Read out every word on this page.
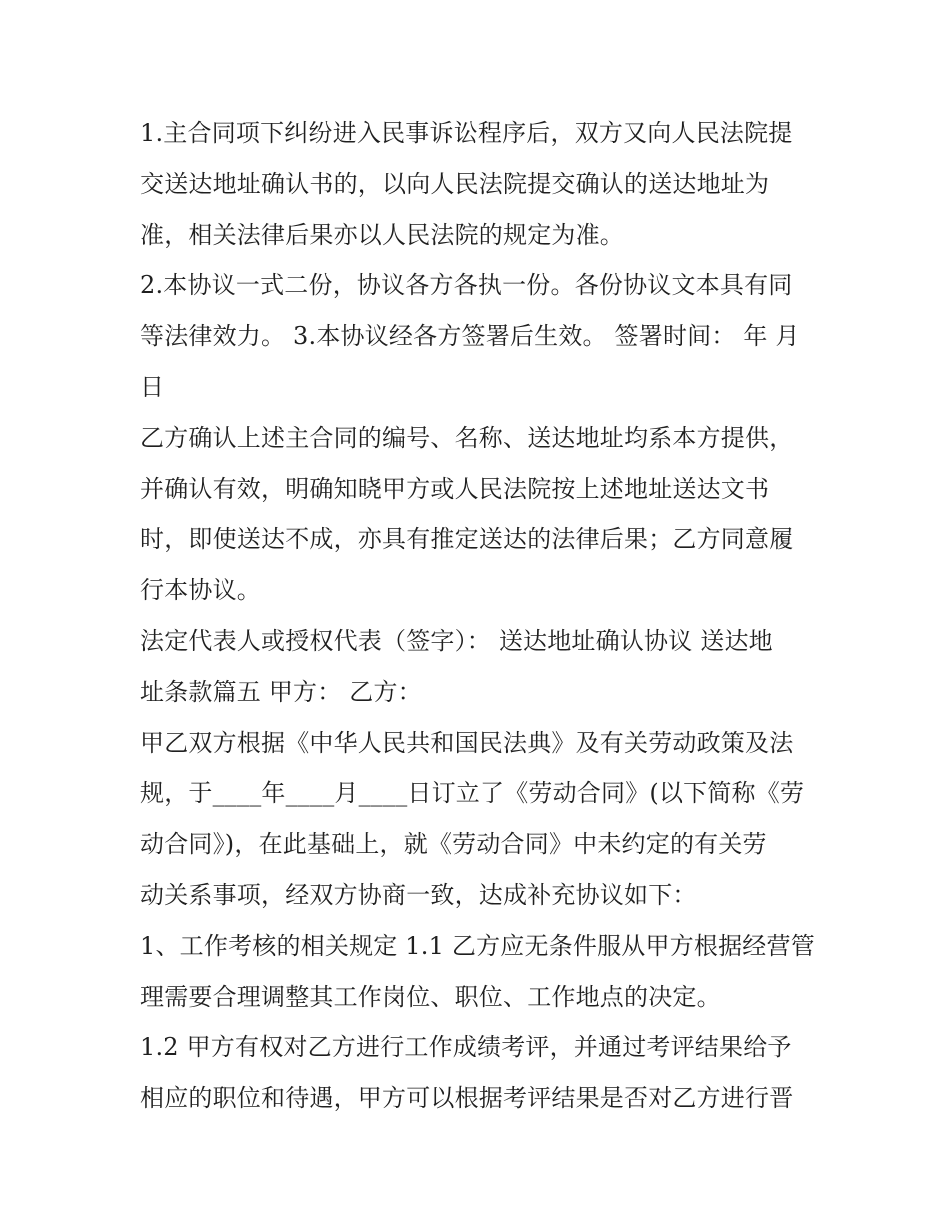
1.主合同项下纠纷进入民事诉讼程序后，双方又向人民法院提
交送达地址确认书的，以向人民法院提交确认的送达地址为
准，相关法律后果亦以人民法院的规定为准。
2.本协议一式二份，协议各方各执一份。各份协议文本具有同
等法律效力。 3.本协议经各方签署后生效。 签署时间： 年 月
日
乙方确认上述主合同的编号、名称、送达地址均系本方提供，
并确认有效，明确知晓甲方或人民法院按上述地址送达文书
时，即使送达不成，亦具有推定送达的法律后果；乙方同意履
行本协议。
法定代表人或授权代表（签字）： 送达地址确认协议 送达地
址条款篇五 甲方： 乙方：
甲乙双方根据《中华人民共和国民法典》及有关劳动政策及法
规，于____年____月____日订立了《劳动合同》(以下简称《劳
动合同》)，在此基础上，就《劳动合同》中未约定的有关劳
动关系事项，经双方协商一致，达成补充协议如下：
1、工作考核的相关规定 1.1 乙方应无条件服从甲方根据经营管
理需要合理调整其工作岗位、职位、工作地点的决定。
1.2 甲方有权对乙方进行工作成绩考评，并通过考评结果给予
相应的职位和待遇，甲方可以根据考评结果是否对乙方进行晋
